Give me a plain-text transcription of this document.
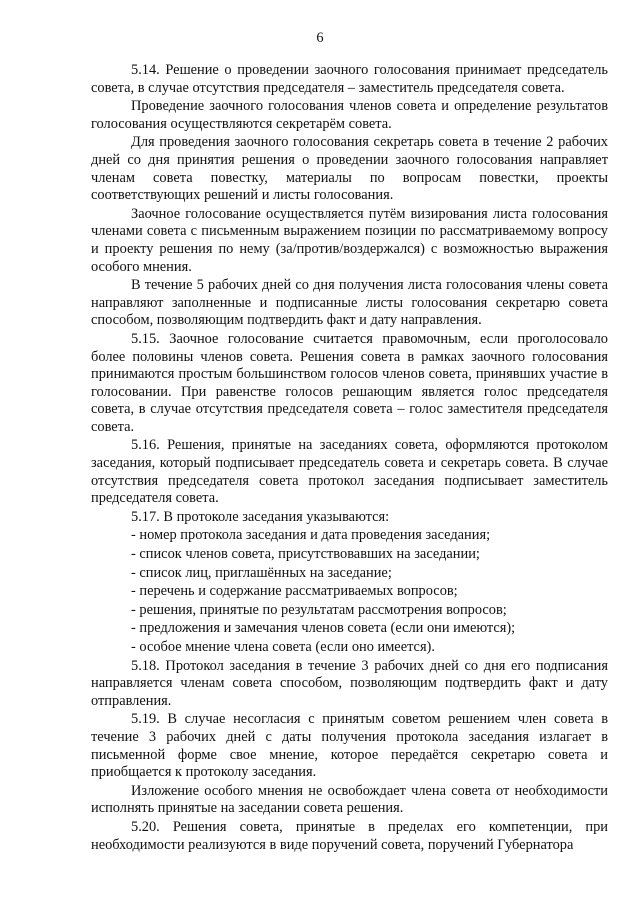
6

5.14. Решение о проведении заочного голосования принимает председатель совета, в случае отсутствия председателя – заместитель председателя совета.

Проведение заочного голосования членов совета и определение результатов голосования осуществляются секретарём совета.

Для проведения заочного голосования секретарь совета в течение 2 рабочих дней со дня принятия решения о проведении заочного голосования направляет членам совета повестку, материалы по вопросам повестки, проекты соответствующих решений и листы голосования.

Заочное голосование осуществляется путём визирования листа голосования членами совета с письменным выражением позиции по рассматриваемому вопросу и проекту решения по нему (за/против/воздержался) с возможностью выражения особого мнения.

В течение 5 рабочих дней со дня получения листа голосования члены совета направляют заполненные и подписанные листы голосования секретарю совета способом, позволяющим подтвердить факт и дату направления.

5.15. Заочное голосование считается правомочным, если проголосовало более половины членов совета. Решения совета в рамках заочного голосования принимаются простым большинством голосов членов совета, принявших участие в голосовании. При равенстве голосов решающим является голос председателя совета, в случае отсутствия председателя совета – голос заместителя председателя совета.

5.16. Решения, принятые на заседаниях совета, оформляются протоколом заседания, который подписывает председатель совета и секретарь совета. В случае отсутствия председателя совета протокол заседания подписывает заместитель председателя совета.

5.17. В протоколе заседания указываются:

- номер протокола заседания и дата проведения заседания;

- список членов совета, присутствовавших на заседании;

- список лиц, приглашённых на заседание;

- перечень и содержание рассматриваемых вопросов;

- решения, принятые по результатам рассмотрения вопросов;

- предложения и замечания членов совета (если они имеются);

- особое мнение члена совета (если оно имеется).

5.18. Протокол заседания в течение 3 рабочих дней со дня его подписания направляется членам совета способом, позволяющим подтвердить факт и дату отправления.

5.19. В случае несогласия с принятым советом решением член совета в течение 3 рабочих дней с даты получения протокола заседания излагает в письменной форме свое мнение, которое передаётся секретарю совета и приобщается к протоколу заседания.

Изложение особого мнения не освобождает члена совета от необходимости исполнять принятые на заседании совета решения.

5.20. Решения совета, принятые в пределах его компетенции, при необходимости реализуются в виде поручений совета, поручений Губернатора
